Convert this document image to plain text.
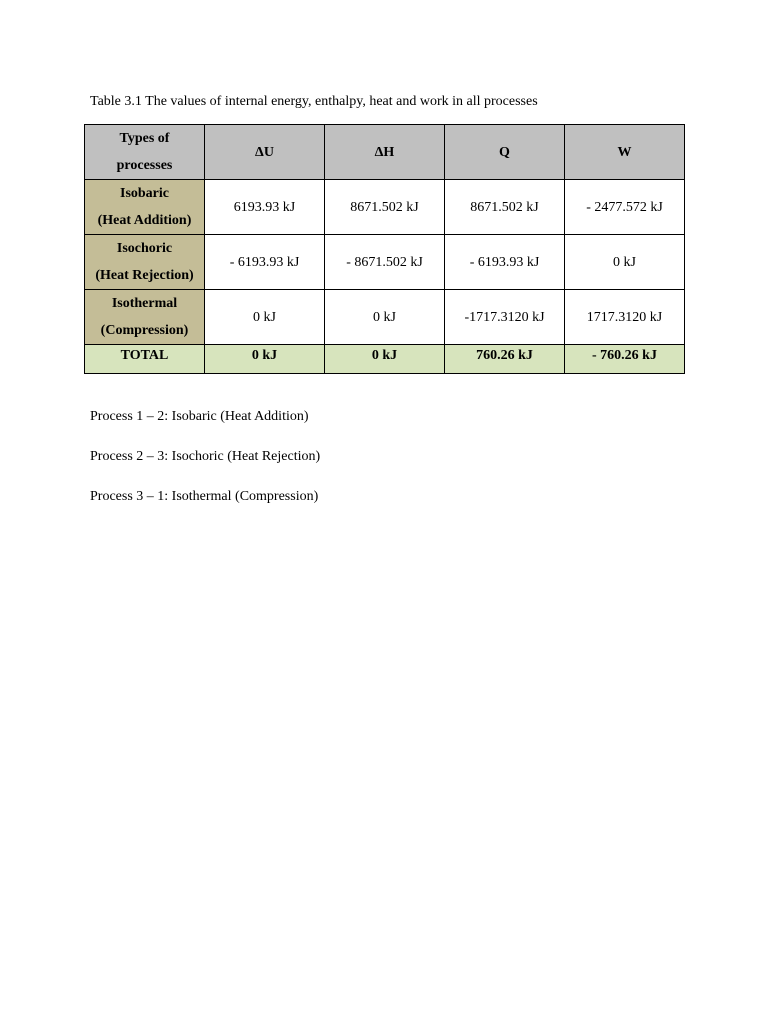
Table 3.1 The values of internal energy, enthalpy, heat and work in all processes
Types of
processes	ΔU	ΔH	Q	W
Isobaric
(Heat Addition)	6193.93 kJ	8671.502 kJ	8671.502 kJ	- 2477.572 kJ
Isochoric
(Heat Rejection)	- 6193.93 kJ	- 8671.502 kJ	- 6193.93 kJ	0 kJ
Isothermal
(Compression)	0 kJ	0 kJ	-1717.3120 kJ	1717.3120 kJ
TOTAL	0 kJ	0 kJ	760.26 kJ	- 760.26 kJ
Process 1 – 2: Isobaric (Heat Addition)
Process 2 – 3: Isochoric (Heat Rejection)
Process 3 – 1: Isothermal (Compression)
